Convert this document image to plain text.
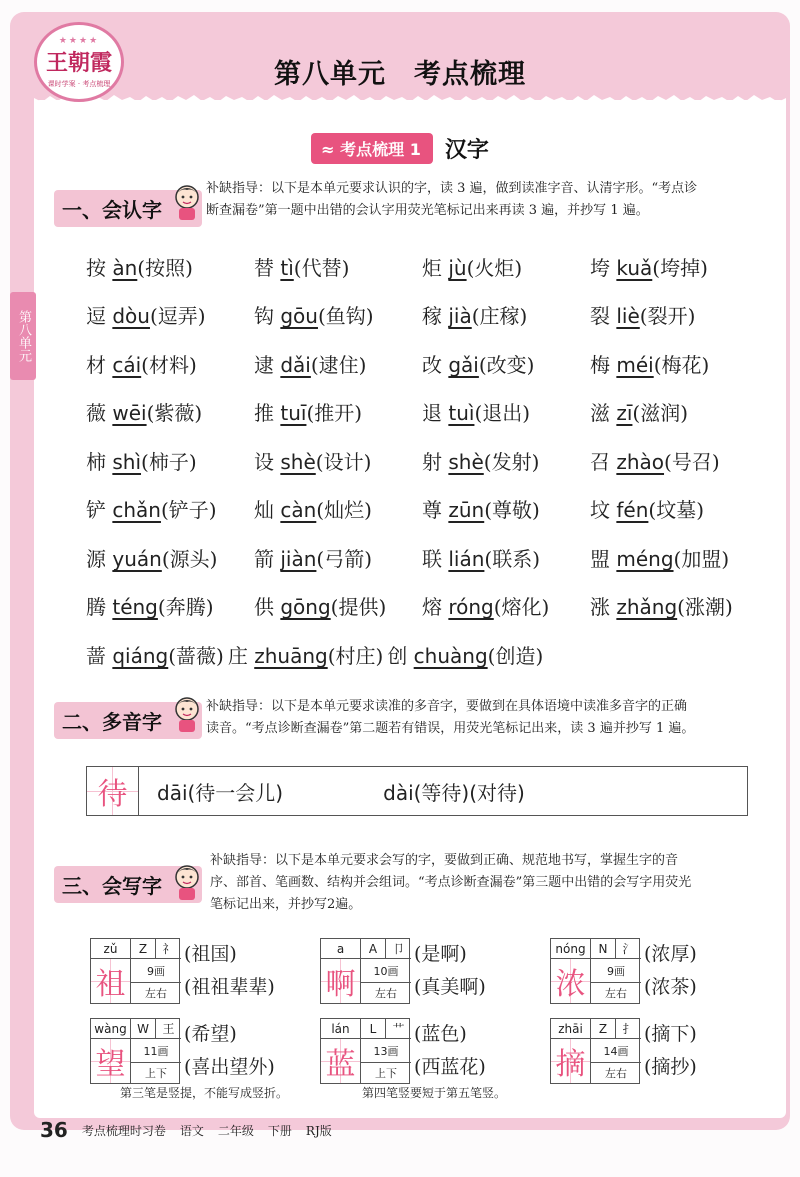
★★★★
王朝霞
课时学案 · 考点梳理	第八单元　考点梳理
第八单元
≈ 考点梳理 1	汉字
一、会认字
补缺指导：以下是本单元要求认识的字，读 3 遍，做到读准字音、认清字形。“考点诊
断查漏卷”第一题中出错的会认字用荧光笔标记出来再读 3 遍，并抄写 1 遍。
按 àn(按照)	替 tì(代替)	炬 jù(火炬)	垮 kuǎ(垮掉)
逗 dòu(逗弄)	钩 gōu(鱼钩)	稼 jià(庄稼)	裂 liè(裂开)
材 cái(材料)	逮 dǎi(逮住)	改 gǎi(改变)	梅 méi(梅花)
薇 wēi(紫薇)	推 tuī(推开)	退 tuì(退出)	滋 zī(滋润)
柿 shì(柿子)	设 shè(设计)	射 shè(发射)	召 zhào(号召)
铲 chǎn(铲子)	灿 càn(灿烂)	尊 zūn(尊敬)	坟 fén(坟墓)
源 yuán(源头)	箭 jiàn(弓箭)	联 lián(联系)	盟 méng(加盟)
腾 téng(奔腾)	供 gōng(提供)	熔 róng(熔化)	涨 zhǎng(涨潮)
蔷 qiáng(蔷薇) 庄 zhuāng(村庄) 创 chuàng(创造)
二、多音字
补缺指导：以下是本单元要求读准的多音字，要做到在具体语境中读准多音字的正确
读音。“考点诊断查漏卷”第二题若有错误，用荧光笔标记出来，读 3 遍并抄写 1 遍。
待	dāi(待一会儿)	dài(等待)(对待)
三、会写字
补缺指导：以下是本单元要求会写的字，要做到正确、规范地书写，掌握生字的音
序、部首、笔画数、结构并会组词。“考点诊断查漏卷”第三题中出错的会写字用荧光
笔标记出来，并抄写2遍。
zǔ	Z	礻
祖	9画
左右
(祖国)
(祖祖辈辈)
a	A	卩
啊	10画
左右
(是啊)
(真美啊)
nóng	N	氵
浓	9画
左右
(浓厚)
(浓茶)
wàng W	王
望	11画
上下
(希望)
(喜出望外)
lán	L	艹
蓝	13画
上下
(蓝色)
(西蓝花)
zhāi	Z	扌
摘	14画
左右
(摘下)
(摘抄)
第三笔是竖提，不能写成竖折。	第四笔竖要短于第五笔竖。
36 考点梳理时习卷 语文 二年级 下册 RJ版
